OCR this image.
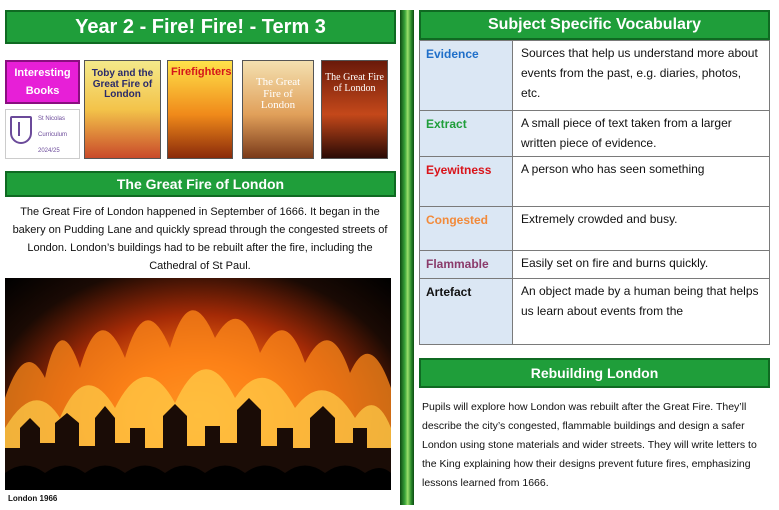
Year 2 - Fire! Fire! - Term 3
Interesting Books
St Nicolas
Curriculum
2024/25
Toby and the Great Fire of London
Firefighters
The Great Fire of London
The Great Fire of London
The Great Fire of London
The Great Fire of London happened in September of 1666. It began in the bakery on Pudding Lane and quickly spread through the congested streets of London. London’s buildings had to be rebuilt after the fire, including the Cathedral of St Paul.
London 1966
Subject Specific Vocabulary
Evidence	Sources that help us understand more about events from the past, e.g. diaries, photos, etc.
Extract	A small piece of text taken from a larger written piece of evidence.
Eyewitness	A person who has seen something
Congested	Extremely crowded and busy.
Flammable	Easily set on fire and burns quickly.
Artefact	An object made by a human being that helps us learn about events from the
Rebuilding London
Pupils will explore how London was rebuilt after the Great Fire. They’ll describe the city’s congested, flammable buildings and design a safer London using stone materials and wider streets. They will write letters to the King explaining how their designs prevent future fires, emphasizing lessons learned from 1666.
